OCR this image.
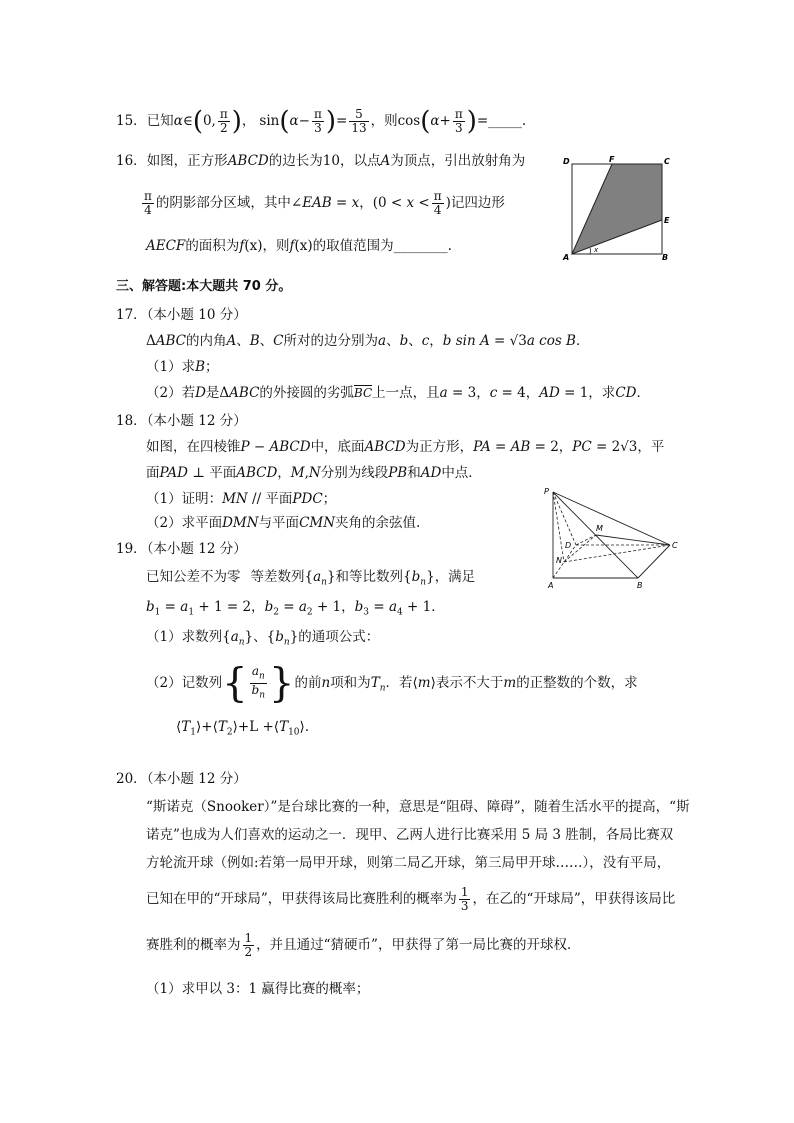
15．已知α∈(0, $\frac{\pi}{2}$ )， $\sin(\alpha- \frac{\pi}{3}$ )= $\frac{5}{13}$ ，则$\cos(\alpha+ \frac{\pi}{3}$ )=_____.
16．如图，正方形ABCD的边长为10，以点A为顶点，引出放射角为
$\frac{\pi}{4}$ 的阴影部分区域，其中∠EAB = x，($0 < x < \frac{\pi}{4}$ )记四边形
AECF的面积为f(x)，则f(x)的取值范围为________.
D	F	C
E
A	B
x
三、解答题:本大题共 70 分。
17．（本小题 10 分）
ΔABC的内角A、B、C所对的边分别为a、b、c，b sin A = √3a cos B．
（1）求B；
（2）若D是ΔABC的外接圆的劣弧BC上一点，且a = 3，c = 4，AD = 1，求CD．
18．（本小题 12 分）
如图，在四棱锥P − ABCD中，底面ABCD为正方形，PA = AB = 2，PC = 2√3，平
面PAD ⊥ 平面ABCD，M,N分别为线段PB和AD中点．
（1）证明：MN // 平面PDC；
（2）求平面DMN与平面CMN夹角的余弦值.
P
M
D
N
C
A	B
19．（本小题 12 分）
已知公差不为零 等差数列$\{a_n\}$和等比数列$\{b_n\}$，满足
$b_1 = a_1 + 1 = 2$，$b_2 = a_2 + 1$，$b_3 = a_4 + 1$．
（1）求数列$\{a_n\}$、$\{b_n\}$的通项公式：
（2）记数列{ $\frac{a_n}{b_n}$ }的前n项和为$T_n$．若⟨m⟩表示不大于m的正整数的个数，求
$⟨T_1⟩+⟨T_2⟩+L$ $+⟨T_{10}⟩$．
20．（本小题 12 分）
“斯诺克（Snooker）”是台球比赛的一种，意思是“阻碍、障碍”，随着生活水平的提高，“斯
诺克”也成为人们喜欢的运动之一．现甲、乙两人进行比赛采用 5 局 3 胜制，各局比赛双
方轮流开球（例如:若第一局甲开球，则第二局乙开球，第三局甲开球……），没有平局，
已知在甲的“开球局”，甲获得该局比赛胜利的概率为 $\frac{1}{3}$ ，在乙的“开球局”，甲获得该局比
赛胜利的概率为 $\frac{1}{2}$ ，并且通过“猜硬币”，甲获得了第一局比赛的开球权．
（1）求甲以 3：1 赢得比赛的概率；
